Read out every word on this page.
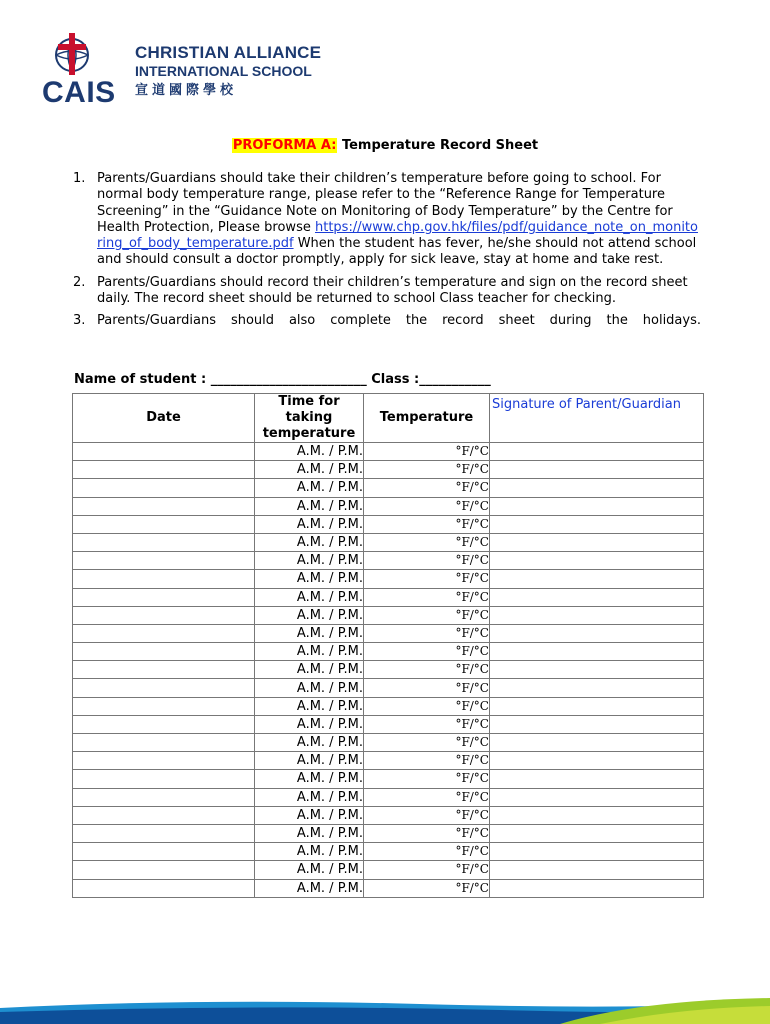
CAIS
CHRISTIAN ALLIANCE
INTERNATIONAL SCHOOL
宣道國際學校
PROFORMA A: Temperature Record Sheet
1. Parents/Guardians should take their children’s temperature before going to school. For normal body temperature range, please refer to the “Reference Range for Temperature Screening” in the “Guidance Note on Monitoring of Body Temperature” by the Centre for Health Protection, Please browse https://www.chp.gov.hk/files/pdf/guidance_note_on_monitoring_of_body_temperature.pdf When the student has fever, he/she should not attend school and should consult a doctor promptly, apply for sick leave, stay at home and take rest.
2. Parents/Guardians should record their children’s temperature and sign on the record sheet daily. The record sheet should be returned to school Class teacher for checking.
3. Parents/Guardians should also complete the record sheet during the holidays.
Name of student : ________________________ Class :___________
Date	Time for taking temperature	Temperature	Signature of Parent/Guardian
	A.M. / P.M.	°F/°C	
	A.M. / P.M.	°F/°C	
	A.M. / P.M.	°F/°C	
	A.M. / P.M.	°F/°C	
	A.M. / P.M.	°F/°C	
	A.M. / P.M.	°F/°C	
	A.M. / P.M.	°F/°C	
	A.M. / P.M.	°F/°C	
	A.M. / P.M.	°F/°C	
	A.M. / P.M.	°F/°C	
	A.M. / P.M.	°F/°C	
	A.M. / P.M.	°F/°C	
	A.M. / P.M.	°F/°C	
	A.M. / P.M.	°F/°C	
	A.M. / P.M.	°F/°C	
	A.M. / P.M.	°F/°C	
	A.M. / P.M.	°F/°C	
	A.M. / P.M.	°F/°C	
	A.M. / P.M.	°F/°C	
	A.M. / P.M.	°F/°C	
	A.M. / P.M.	°F/°C	
	A.M. / P.M.	°F/°C	
	A.M. / P.M.	°F/°C	
	A.M. / P.M.	°F/°C	
	A.M. / P.M.	°F/°C	
